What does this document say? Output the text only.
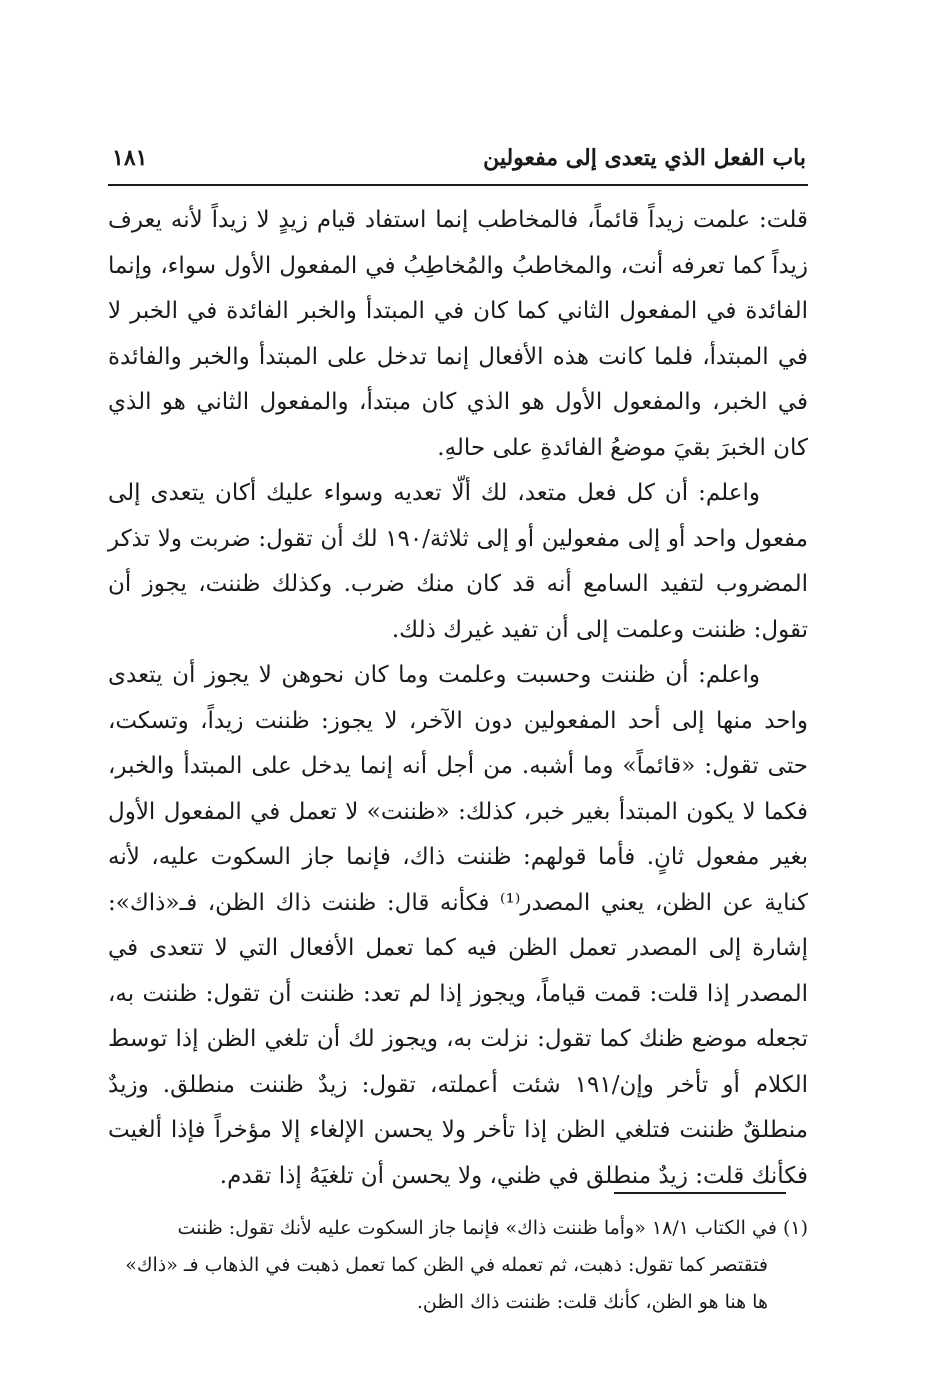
باب الفعل الذي يتعدى إلى مفعولين
١٨١

قلت: علمت زيداً قائماً، فالمخاطب إنما استفاد قيام زيدٍ لا زيداً لأنه يعرف زيداً كما تعرفه أنت، والمخاطبُ والمُخاطِبُ في المفعول الأول سواء، وإنما الفائدة في المفعول الثاني كما كان في المبتدأ والخبر الفائدة في الخبر لا في المبتدأ، فلما كانت هذه الأفعال إنما تدخل على المبتدأ والخبر والفائدة في الخبر، والمفعول الأول هو الذي كان مبتدأ، والمفعول الثاني هو الذي كان الخبرَ بقيَ موضعُ الفائدةِ على حالهِ.

واعلم: أن كل فعل متعد، لك ألّا تعديه وسواء عليك أكان يتعدى إلى مفعول واحد أو إلى مفعولين أو إلى ثلاثة/١٩٠ لك أن تقول: ضربت ولا تذكر المضروب لتفيد السامع أنه قد كان منك ضرب. وكذلك ظننت، يجوز أن تقول: ظننت وعلمت إلى أن تفيد غيرك ذلك.

واعلم: أن ظننت وحسبت وعلمت وما كان نحوهن لا يجوز أن يتعدى واحد منها إلى أحد المفعولين دون الآخر، لا يجوز: ظننت زيداً، وتسكت، حتى تقول: «قائماً» وما أشبه. من أجل أنه إنما يدخل على المبتدأ والخبر، فكما لا يكون المبتدأ بغير خبر، كذلك: «ظننت» لا تعمل في المفعول الأول بغير مفعول ثانٍ. فأما قولهم: ظننت ذاك، فإنما جاز السكوت عليه، لأنه كناية عن الظن، يعني المصدر⁽¹⁾ فكأنه قال: ظننت ذاك الظن، فـ«ذاك»: إشارة إلى المصدر تعمل الظن فيه كما تعمل الأفعال التي لا تتعدى في المصدر إذا قلت: قمت قياماً، ويجوز إذا لم تعد: ظننت أن تقول: ظننت به، تجعله موضع ظنك كما تقول: نزلت به، ويجوز لك أن تلغي الظن إذا توسط الكلام أو تأخر وإن/١٩١ شئت أعملته، تقول: زيدٌ ظننت منطلق. وزيدٌ منطلقٌ ظننت فتلغي الظن إذا تأخر ولا يحسن الإلغاء إلا مؤخراً فإذا ألغيت فكأنك قلت: زيدٌ منطلق في ظني، ولا يحسن أن تلغيَهُ إذا تقدم.

(١) في الكتاب ١٨/١ «وأما ظننت ذاك» فإنما جاز السكوت عليه لأنك تقول: ظننت

فتقتصر كما تقول: ذهبت، ثم تعمله في الظن كما تعمل ذهبت في الذهاب فـ «ذاك»

ها هنا هو الظن، كأنك قلت: ظننت ذاك الظن.
